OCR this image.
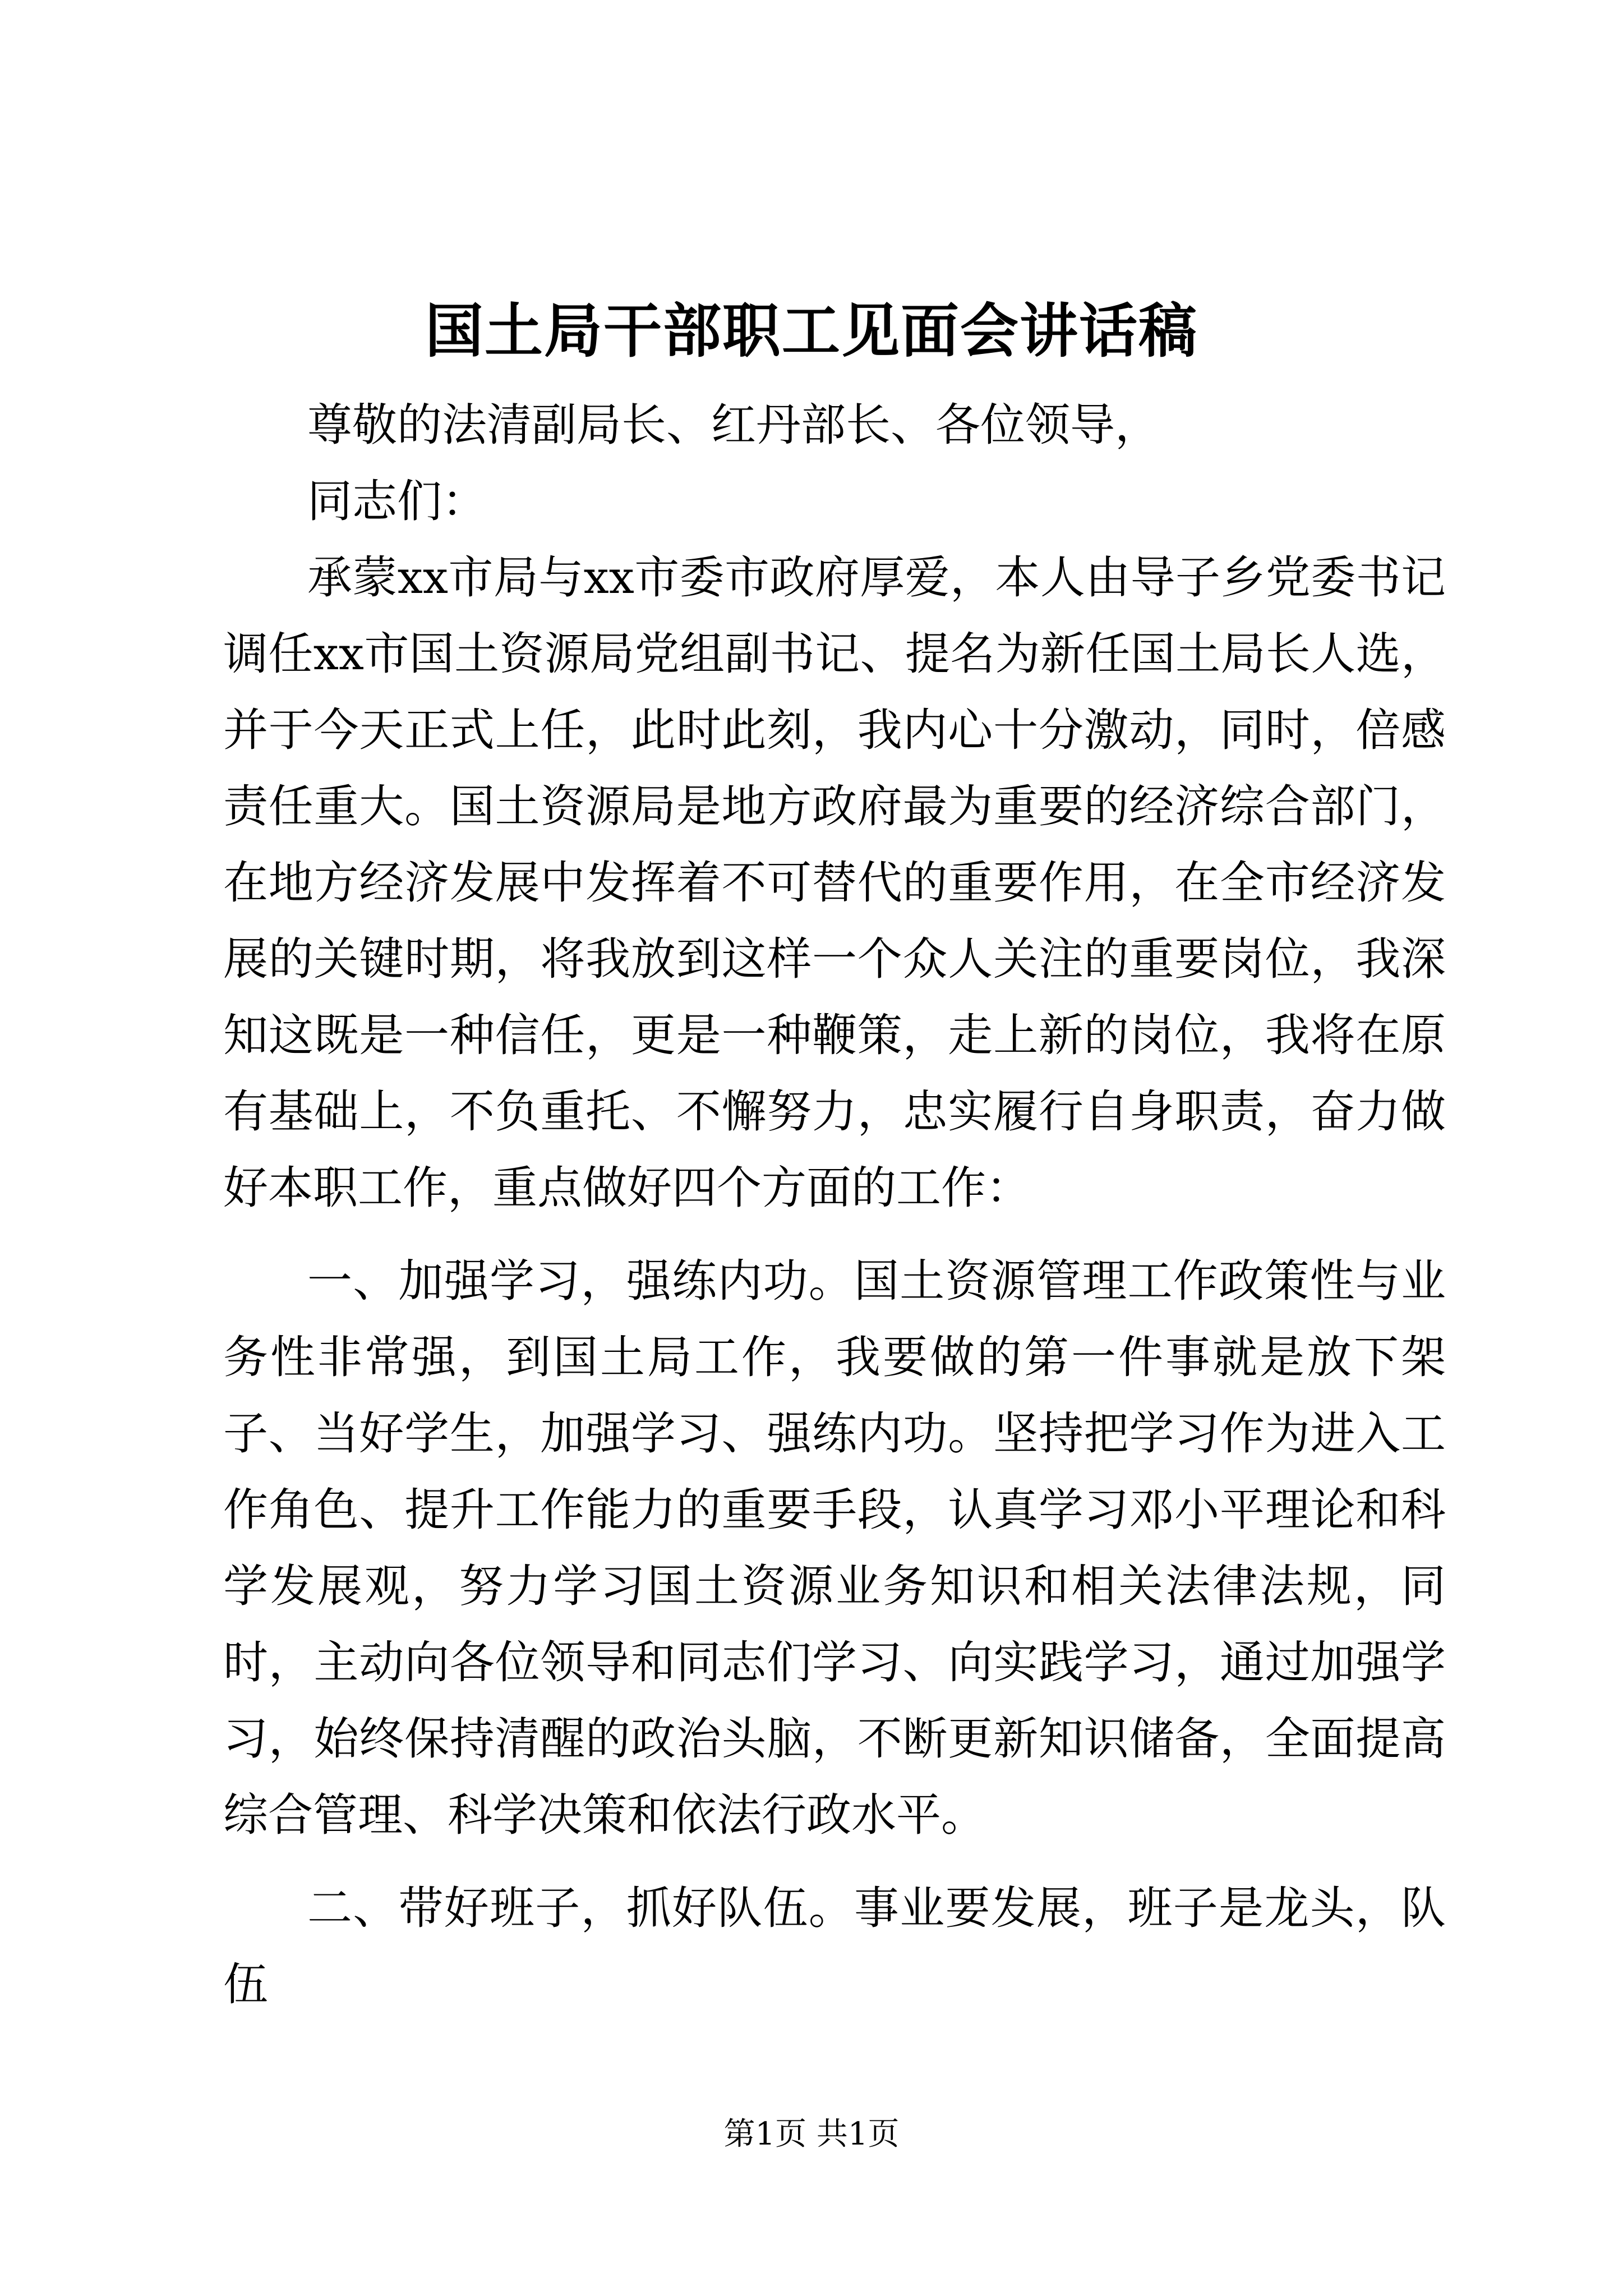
国土局干部职工见面会讲话稿

尊敬的法清副局长、红丹部长、各位领导，

同志们：

承蒙xx市局与xx市委市政府厚爱，本人由导子乡党委书记调任xx市国土资源局党组副书记、提名为新任国土局长人选，并于今天正式上任，此时此刻，我内心十分激动，同时，倍感责任重大。国土资源局是地方政府最为重要的经济综合部门，在地方经济发展中发挥着不可替代的重要作用，在全市经济发展的关键时期，将我放到这样一个众人关注的重要岗位，我深知这既是一种信任，更是一种鞭策，走上新的岗位，我将在原有基础上，不负重托、不懈努力，忠实履行自身职责，奋力做好本职工作，重点做好四个方面的工作：

一、加强学习，强练内功。国土资源管理工作政策性与业务性非常强，到国土局工作，我要做的第一件事就是放下架子、当好学生，加强学习、强练内功。坚持把学习作为进入工作角色、提升工作能力的重要手段，认真学习邓小平理论和科学发展观，努力学习国土资源业务知识和相关法律法规，同时，主动向各位领导和同志们学习、向实践学习，通过加强学习，始终保持清醒的政治头脑，不断更新知识储备，全面提高综合管理、科学决策和依法行政水平。

二、带好班子，抓好队伍。事业要发展，班子是龙头，队伍

第1页 共1页
